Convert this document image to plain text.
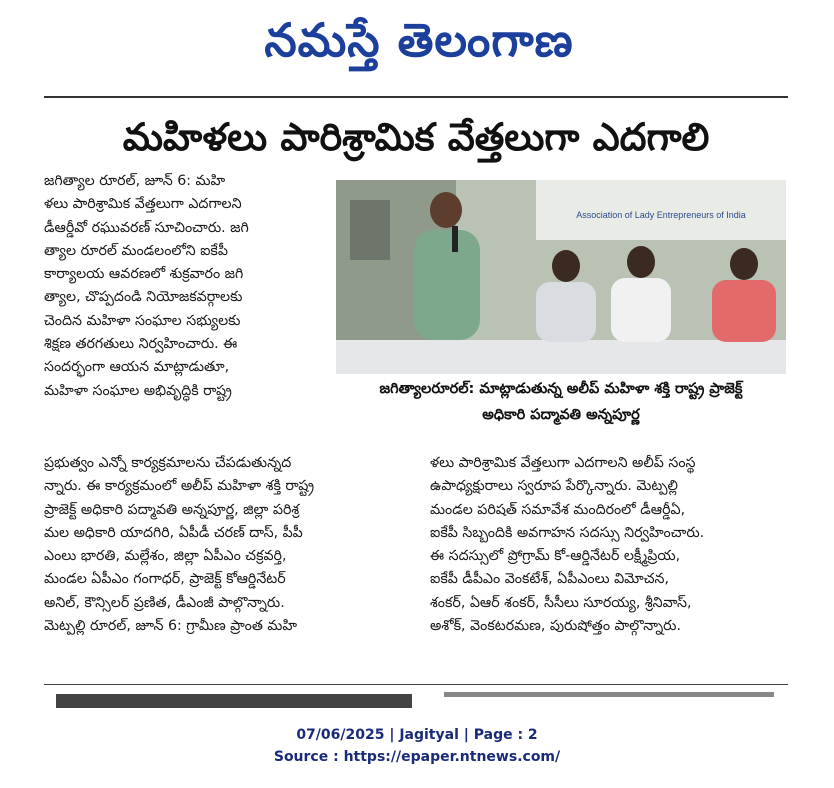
నమస్తే తెలంగాణ
మహిళలు పారిశ్రామిక వేత్తలుగా ఎదగాలి

జగిత్యాల రూరల్, జూన్ 6: మహి

ళలు పారిశ్రామిక వేత్తలుగా ఎదగాలని

డీఆర్డీవో రఘువరణ్ సూచించారు. జగి

త్యాల రూరల్ మండలంలోని ఐకేపీ

కార్యాలయ ఆవరణలో శుక్రవారం జగి

త్యాల, చొప్పదండి నియోజకవర్గాలకు

చెందిన మహిళా సంఘాల సభ్యులకు

శిక్షణ తరగతులు నిర్వహించారు. ఈ

సందర్భంగా ఆయన మాట్లాడుతూ,

మహిళా సంఘాల అభివృద్ధికి రాష్ట్ర

Association of Lady Entrepreneurs of India
జగిత్యాలరూరల్: మాట్లాడుతున్న అలీప్ మహిళా శక్తి రాష్ట్ర ప్రాజెక్ట్
అధికారి పద్మావతి అన్నపూర్ణ

ప్రభుత్వం ఎన్నో కార్యక్రమాలను చేపడుతున్నద

న్నారు. ఈ కార్యక్రమంలో అలీప్ మహిళా శక్తి రాష్ట్ర

ప్రాజెక్ట్ అధికారి పద్మావతి అన్నపూర్ణ, జిల్లా పరిశ్ర

మల అధికారి యాదగిరి, ఏపీడీ చరణ్ దాస్, పీపీ

ఎంలు భారతి, మల్లేశం, జిల్లా ఏపీఎం చక్రవర్తి,

మండల ఏపీఎం గంగాధర్, ప్రాజెక్ట్ కోఆర్డినేటర్

అనిల్, కౌన్సిలర్ ప్రణిత, డీఎంజీ పాల్గొన్నారు.

మెట్పల్లి రూరల్, జూన్ 6: గ్రామీణ ప్రాంత మహి

ళలు పారిశ్రామిక వేత్తలుగా ఎదగాలని అలీప్ సంస్థ

ఉపాధ్యక్షురాలు స్వరూప పేర్కొన్నారు. మెట్పల్లి

మండల పరిషత్ సమావేశ మందిరంలో డీఆర్డీఏ,

ఐకేపీ సిబ్బందికి అవగాహన సదస్సు నిర్వహించారు.

ఈ సదస్సులో ప్రోగ్రామ్ కో-ఆర్డినేటర్ లక్ష్మీప్రియ,

ఐకేపీ డీపీఎం వెంకటేశ్, ఏపీఎంలు విమోచన,

శంకర్, ఏఆర్ శంకర్, సీసీలు సూరయ్య, శ్రీనివాస్,

అశోక్, వెంకటరమణ, పురుషోత్తం పాల్గొన్నారు.

07/06/2025 | Jagityal | Page : 2
Source : https://epaper.ntnews.com/
